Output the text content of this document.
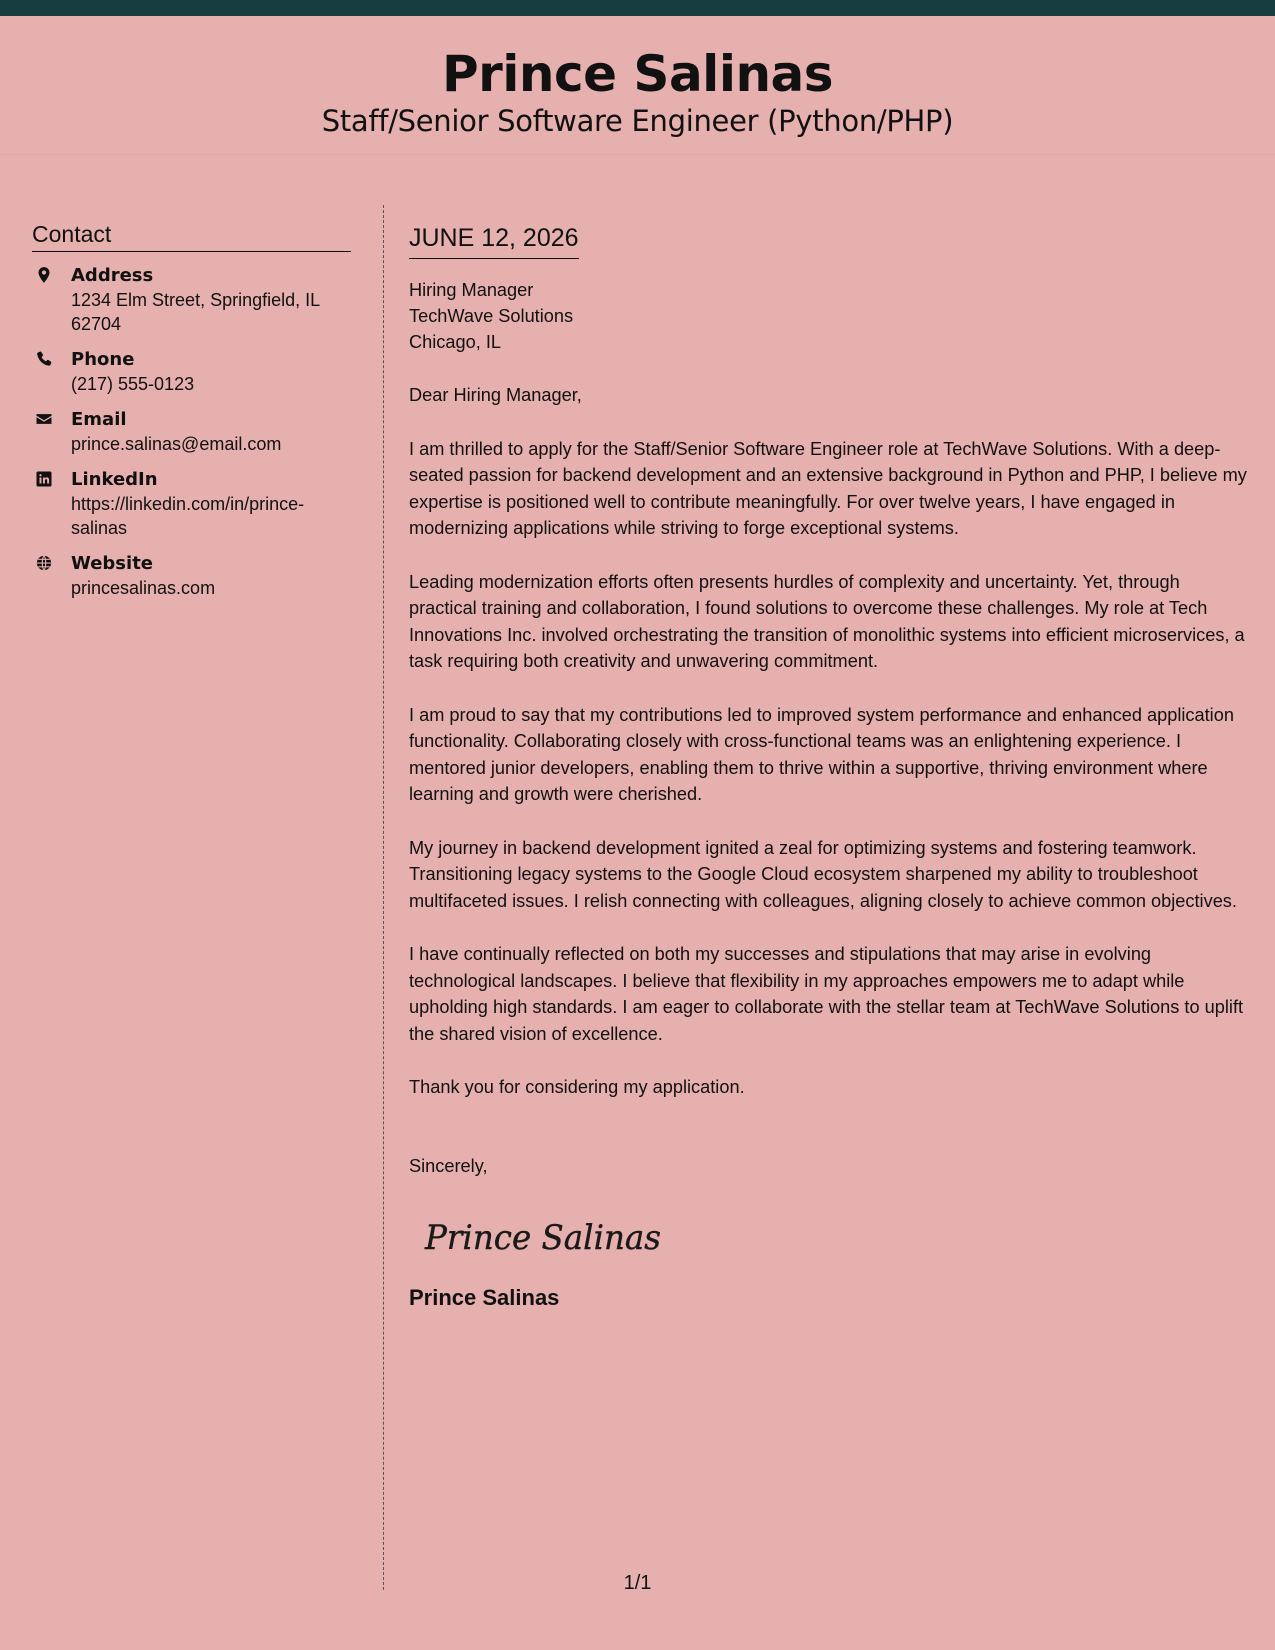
Prince Salinas
Staff/Senior Software Engineer (Python/PHP)
Contact
Address
1234 Elm Street, Springfield, IL 62704
Phone
(217) 555-0123
Email
prince.salinas@email.com
LinkedIn
https://linkedin.com/in/prince-salinas
Website
princesalinas.com
JUNE 12, 2026
Hiring Manager
TechWave Solutions
Chicago, IL
Dear Hiring Manager,
I am thrilled to apply for the Staff/Senior Software Engineer role at TechWave Solutions. With a deep-seated passion for backend development and an extensive background in Python and PHP, I believe my expertise is positioned well to contribute meaningfully. For over twelve years, I have engaged in modernizing applications while striving to forge exceptional systems.
Leading modernization efforts often presents hurdles of complexity and uncertainty. Yet, through practical training and collaboration, I found solutions to overcome these challenges. My role at Tech Innovations Inc. involved orchestrating the transition of monolithic systems into efficient microservices, a task requiring both creativity and unwavering commitment.
I am proud to say that my contributions led to improved system performance and enhanced application functionality. Collaborating closely with cross-functional teams was an enlightening experience. I mentored junior developers, enabling them to thrive within a supportive, thriving environment where learning and growth were cherished.
My journey in backend development ignited a zeal for optimizing systems and fostering teamwork. Transitioning legacy systems to the Google Cloud ecosystem sharpened my ability to troubleshoot multifaceted issues. I relish connecting with colleagues, aligning closely to achieve common objectives.
I have continually reflected on both my successes and stipulations that may arise in evolving technological landscapes. I believe that flexibility in my approaches empowers me to adapt while upholding high standards. I am eager to collaborate with the stellar team at TechWave Solutions to uplift the shared vision of excellence.
Thank you for considering my application.
Sincerely,
Prince Salinas
Prince Salinas
1/1
